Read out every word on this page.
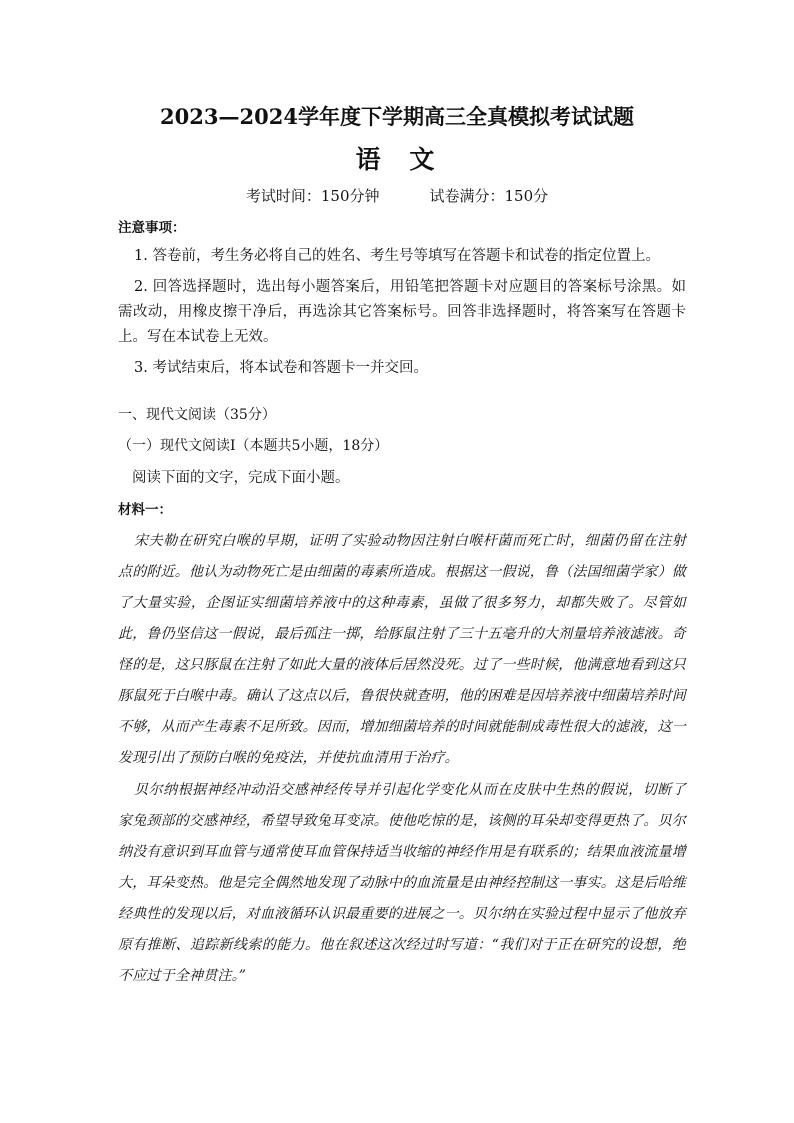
2023—2024学年度下学期高三全真模拟考试试题
语 文
考试时间：150分钟	试卷满分：150分
注意事项：

1. 答卷前，考生务必将自己的姓名、考生号等填写在答题卡和试卷的指定位置上。

2. 回答选择题时，选出每小题答案后，用铅笔把答题卡对应题目的答案标号涂黑。如需改动，用橡皮擦干净后，再选涂其它答案标号。回答非选择题时，将答案写在答题卡上。写在本试卷上无效。

3. 考试结束后，将本试卷和答题卡一并交回。

一、现代文阅读（35分）
（一）现代文阅读Ⅰ（本题共5小题，18分）
阅读下面的文字，完成下面小题。
材料一：

宋夫勒在研究白喉的早期，证明了实验动物因注射白喉杆菌而死亡时，细菌仍留在注射点的附近。他认为动物死亡是由细菌的毒素所造成。根据这一假说，鲁（法国细菌学家）做了大量实验，企图证实细菌培养液中的这种毒素，虽做了很多努力，却都失败了。尽管如此，鲁仍坚信这一假说，最后孤注一掷，给豚鼠注射了三十五毫升的大剂量培养液滤液。奇怪的是，这只豚鼠在注射了如此大量的液体后居然没死。过了一些时候，他满意地看到这只豚鼠死于白喉中毒。确认了这点以后，鲁很快就查明，他的困难是因培养液中细菌培养时间不够，从而产生毒素不足所致。因而，增加细菌培养的时间就能制成毒性很大的滤液，这一发现引出了预防白喉的免疫法，并使抗血清用于治疗。

贝尔纳根据神经冲动沿交感神经传导并引起化学变化从而在皮肤中生热的假说，切断了家兔颈部的交感神经，希望导致兔耳变凉。使他吃惊的是，该侧的耳朵却变得更热了。贝尔纳没有意识到耳血管与通常使耳血管保持适当收缩的神经作用是有联系的；结果血液流量增大，耳朵变热。他是完全偶然地发现了动脉中的血流量是由神经控制这一事实。这是后哈维经典性的发现以后，对血液循环认识最重要的进展之一。贝尔纳在实验过程中显示了他放弃原有推断、追踪新线索的能力。他在叙述这次经过时写道：“我们对于正在研究的设想，绝不应过于全神贯注。”
